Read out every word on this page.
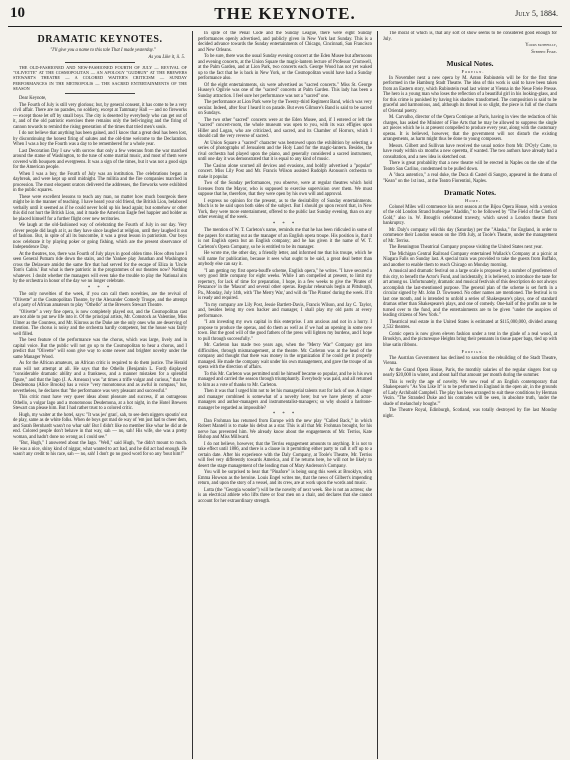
10	THE KEYNOTE.	July 5, 1884.
DRAMATIC KEYNOTES.

"I'll give you a name to this tale That I made yesterday."

As you Like it, ii. 5.

THE OLD-FASHIONED AND NEW-FASHIONED FOURTH OF JULY — REVIVAL OF "OLIVETTE" AT THE COSMOPOLITAN — AN APOLOGY "GUDRUN" AT THE BREWERS STEWART'S THEATRE — A COLORED WAITER'S CRITICISM — SUNDAY PERFORMANCES IN THE METROPOLIS — THE SACRED ENTERTAINMENTS OF THE SEASON

Dear Keynote,

The Fourth of July is still very glorious; but, by general consent, it has come to be a very civil affair. There are no parades, no soldiery, except at Tammany Hall — and no fireworks — except those let off by small boys. The city is deserted by everybody who can get out of it, and of the old patriotic exercises there remains only the bell-ringing and the firing of cannon towards to remind the rising generation of the times that tried men's souls.

I do not believe that anything has been gained, and I know that a great deal has been lost, by discontinuing the honest firing of salutes and the old-time welcome to the Declaration. When I was a boy the Fourth was a day to be remembered for a whole year.

Last Decoration Day I saw with sorrow that only a few veterans from the war marched around the statue of Washington, to the tune of some martial music, and most of them were covered with bouquets and evergreens. It was a sign of the times, but it was not a good sign for the American people.

When I was a boy, the Fourth of July was an institution. The celebrations began at daybreak, and were kept up until midnight. The militia and the fire companies marched in procession. The most eloquent orators delivered the addresses, the fireworks were exhibited in the public squares.

These were excellent lessons to teach any man, no matter how much bourgeois there might be in the manner of teaching. I have heard your old friend, the British Lion, belabored verbally until it seemed as if he could never hold up his head again; but somehow or other this did not hurt the British Lion, and it made the American Eagle feel happier and bolder as he placed himself for a further flight over new territories.

We laugh at the old-fashioned way of celebrating the Fourth of July in our day. Very clever people did laugh at it, as they have since laughed at religion, until they laughed it out of fashion. But, in spite of all its buncombe, it was a great lesson in patriotism. Our boys now celebrate it by playing poker or going fishing, which are the present observance of Independence Day.

At the theatres, too, there was Fourth of July plays in good olden time. How often have I seen General Putnam ride down the stairs, and the Yankee play Jonathan and Washington cross the Delaware amidst the same fire that had served for the escape of Eliza in 'Uncle Tom's Cabin.' But what is there patriotic in the programmes of our theatres now? Nothing whatever. I doubt whether the managers will even take the trouble to play the National airs by the orchestra in honor of the day we no longer celebrate.

* * *

The only novelties of the week, if you can call them novelties, are the revival of "Olivette" at the Cosmopolitan Theatre, by the Alexander Comedy Troupe, and the attempt of a party of African amateurs to play "Othello" at the Brewers Stewart Theatre.

"Olivette" a very fine opera, is now completely played out, and the Cosmopolitan cast are not able to put new life into it. Of the principal artists, Mr. Comstock as Valentine, Miss Ulmer as the Countess, and Mr. Kinross as the Duke are the only ones who are deserving of mention. The chorus is noisy and the orchestra hardly competent, but the house was fairly well filled.

The best feature of the performance was the chorus, which was large, lively and in capital voice. But the public will not go up to the Cosmopolitan to hear a chorus, and I predict that "Olivette" will soon give way to some newer and brighter novelty under the same Manager Wood.

As for the African amateurs, an African critic is required to do them justice. The Herald man will not attempt at all. He says that the Othello (Benjamin L. Ford) displayed "considerable dramatic ability and a frankness, and a manner mistaken for a splendid figure," and that the Iago (J. A. Arneaux) was "at times a trifle vulgar and curious," that the Desdemona (Alice Brooks) has a voice "very monotonous and as awful in compass," but, nevertheless, he declares that "the performance was very pleasant and successful."

This critic must have very queer ideas about pleasure and success, if an outrageous Othello, a vulgar Iago and a monotonous Desdemona, at a hot night, in the Hotel Brewers Stewart can please him. But I had rather trust to a colored critic.

Hugh, my waiter at the hotel, says: "It was jes' gran', sah, to see dem niggers spoutin' out de play, same as de white folks. When de boys got mad de way of 'em just had to cheer dem, and Sarah Bernhardt wasn't no whar sah! But I didn't like no member like whar he did at de end. Colored people don't behave in that way, sah — no, sah! His wife, she was a pretty woman, and hadn't done no wrong as I could see."

"But, Hugh," I answered about the Iago. "Well," said Hugh, "he didn't mount to much. He was a nice, shiny kind of niggar, what wanted to act bad, and he did act bad enough. He wasn't any credit to his race, sah — no, sah! I don't go no good word for so any 'bout him!"

In spite of the Penal Code and the Sunday League, there were eight Sunday performances openly advertised, and publicly given in New York last Sunday. This is a decided advance towards the Sunday entertainments of Chicago, Cincinnati, San Francisco and New Orleans.

To be sure, there was the usual Sunday evening concert at the Eden Musee but afternoons and evening concerts, at the Union Square the magic-lantern lecture of Professor Cromwell, at the Palm Garden, and at Lion Park, two concerts each. George Wood has not yet waked up to the fact that he is back in New York, or the Cosmopolitan would have had a Sunday performance also.

Of the eight entertainments, six were advertised as "sacred concerts." Miss St. George Hussey's Ogilvie was one of the "sacred" concerts at Palm Garden. This lady has been a Sunday attraction. I feel sure her performance was not a "sacred" one.

The performance at Lion Park were by the Twenty-third Regiment Band, which was very secular. Indeed, after four I heard it on parade. But even Gilmore's Band is said to be sacred on Sundays.

The two other "sacred" concerts were at the Eden Musee, and, if I entered or left the "sacred" concert-room, the whole museum was open to you, with its wax effigies upon Hiller and Logan, who are criticized, and sacred, and its Chamber of Horrors, which I should call the very reverse of sacred.

At Union Square a "sacred" character was bestowed upon the exhibition by selecting a series of photographs of Jerusalem and the Holy Land for the magic-lantern. Besides, the rival orchestra had played upon the piano, and generally considered a sacred instrument, until one day it was demonstrated that it is equal to any kind of music.

The Casino alone scorned all devices and evasions, and boldly advertised a "popular" concert. Miss Lily Post and Mr. Francis Wilson assisted Rudolph Aronson's orchestra to make it popular.

Two of the Sunday performances, you observe, were at regular theatres which hold licenses from the Mayor, who is supposed to exercise supervision over them. We must suppose that he, therefore, that they were open by his own will and approval.

I express no opinion for the present, as to the desirability of Sunday entertainments. Much is to be said upon both sides of the subject. But I should go upon record that, in New York, they were more entertainment, offered to the public last Sunday evening, than on any other evening of the week.

* * *

The mention of W. T. Carleton's name, reminds me that he has been ridiculed in some of the papers for starting out as the manager of an English opera troupe. His position is, that it is not English opera but an English company; and he has given it the name of W. T. Carleton's Opera Company, so he is entitled to be its manager.

He wrote me, the other day, a friendly letter, and informed me that his troupe, which he will name for publication, because it sees what ought to be said, a great deal better than anybody else can say it.

"I am getting my first opera-bouffe scheme, English opera," he writes. "I have secured a very good little company for eight weeks. While I am compelled at present, to limit my repertory, for lack of time for preparation, I hope, in a few weeks to give the 'Pirates of Penzance' in the 'Mascot' and several other operas. Regular rehearsals begin at Pittsburgh, Pa., Monday, July 14th, with 'The Merry War,' and will do 'The Pirates' during the week. If it is ready and required.

"In my company are Lily Post, Jessie Bartlett-Davis, Francis Wilson, and Jay C. Taylor, and, besides being my own backer and manager, I shall play my old parts at every performance.

"I am investing my own capital in this enterprise. I am anxious and not in a hurry. I propose to produce the operas, and do them as well as if we had an opening in some new town. But the good will of the good fathers of the press will lighten my burdens, and I hope to pull through successfully."

Mr. Carleton has made two years ago, when the "Merry War" Company got into difficulties, through mismanagement, at the theatre. Mr. Carleton was at the head of the company and thought that there was money in the organization if he could get it properly managed. He made the company wait under his own management, and gave the troupe of an opera with the direction of affairs.

To this Mr. Carleton was permitted until he himself became so popular, and he is his own managed and carried the season through triumphantly. Everybody was paid, and all returned to him as a vote of thanks to Mr. Carleton.

Then it was that I urged him not to let his managerial talents rust for lack of use. A singer and manager combined is somewhat of a novelty here; but we have plenty of actor-managers and author-managers and instrumentalist-managers; so why should a baritone-manager be regarded as impossible?

* * *

Dan Frohman has returned from Europe with the new play "Called Back," in which Robert Mantell is to make his debut as a star. This is all that Mr. Frohman brought, for his nerve has prevented him. We already know about the engagements of Mr. Terriss, Kate Bishop and Miss Millward.

I do not believe, however, that the Terriss engagement amounts to anything. It is not to take effect until 1886, and there is a clause in it permitting either party to call it off up to a certain date. After his experience with the Daly Company, at Toole's Theatre, Mr. Terriss will feel very differently towards America, and if he returns here, he will not be likely to desert the stage management of the leading man of Mary Anderson's Company.

You will be surprised to hear that "Pinafore" is being sung this week at Brooklyn, with Emma Howson as the heroine. Louis Engel writes me, that the news of Gilbert's impending return, and upon the story of a vessel, and its crew, are at work upon the words and music.

Lotta (the "Georgia wonder") will be the novelty of next week. She is not an actress; she is an electrical athlete who lifts three or four men on a chair, and declares that she cannot account for her extraordinary strength.

The moral of which is, that any sort of show seems to be considered good enough for July.

Yours faithfully,

Stephen Fiske.

Musical Notes.

Foreign.

In November next a new opera by M. Anton Rubinstein will be for the first time performed in the Hamburg Stadt Theatre. The idea of this work is said to have been taken from an Eastern story, which Rubinstein read last winter at Vienna in the Neue Freie Presse. The hero is a young man who loses the reflection of a beautiful girl in his looking-glass, and for this crime is punished by having his shadow transformed. The composition is said to be graceful and harmonious, and, although its thread is so slight, the piece is full of the charm of Oriental poetry.

M. Carvalho, director of the Opera Comique at Paris, having in view the redaction of his charges, has asked the Minister of Fine Arts that he may be allowed to suppress the single act pieces which he is at present compelled to produce every year, along with the customary operas. It is believed, however, that the government will not disturb the existing arrangements, as harm might thus be done to young composers.

Messrs. Gilbert and Sullivan have received the usual notice from Mr. D'Oyly Carte, to have ready within six months a new operetta, if wanted. The two authors have already had a consultation, and a new idea is sketched out.

There is great probability that a new theatre will be erected in Naples on the site of the Teatro San Carlino, condemned to be pulled down.

A "duca autentico," a real duke, the Duca di Castel di Sangro, appeared in the drama of "Kean" on the 1st inst., at the Teatro Fiorentini, Naples.

Dramatic Notes.

Home.

Colonel Miles will commence his next season at the Bijou Opera House, with a version of the old London Strand burlesque "Aladdin," to be followed by "The Field of the Cloth of Gold," also in. W. Brough's celebrated travesty, which saved a London theatre from bankruptcy.

Mr. Daly's company will this day (Saturday) per the "Alaska," for England, in order to commence their London season on the 19th July, at Toole's Theatre, under the management of Mr. Terriss.

The Bennington Theatrical Company propose visiting the United States next year.

The Michigan Central Railroad Company entertained Wallack's Company at a picnic at Niagara Falls on Sunday last. A special train was provided to take the guests from Buffalo, and another to enable them to reach Chicago on Monday morning.

A musical and dramatic festival on a large scale is proposed by a number of gentlemen of this city, to benefit the Actor's Fund, and incidentally, it is believed, to introduce the taste for art among us. Unfortunately, dramatic and musical festivals of this description do not always accomplish the last-mentioned purpose. The general plan of the scheme is set forth in a circular signed by Mr. John D. Townsend. No other names are mentioned. The festival is to last one month, and is intended to unfold a series of Shakespeare's plays, one of standard dramas other than Shakespeare's plays, and one of comedy. One-half of the profits are to be turned over to the fund, and the entertainments are to be given "under the auspices of leading citizens of New York."

Theatrical real estate in the United States is estimated at $115,000,000, divided among 2,532 theatres.

Comic opera is now given eleven fashion under a tent in the glade of a real wood, at Brooklyn, and the picturesque Heights bring their pennants in tissue paper bags, tied up with blue satin ribbons.

Foreign.

The Austrian Government has declined to sanction the rebuilding of the Stadt Theatre, Vienna.

At the Grand Opera House, Paris, the monthly salaries of the regular singers foot up nearly $20,000 in winter, and about half that amount per month during the summer.

This is verily the age of novelty. We now read of an English contemporary that Shakespeare's "As You Like It" is to be performed in England in the open air, in the grounds of Lady Archibald Campbell. The play has been arranged to suit these conditions by Herman Vezin. "The Stranded Duke and his comrades will be seen, in absolute truth, 'under the shade of melancholy boughs.'"

The Theatre Royal, Edinburgh, Scotland, was totally destroyed by fire last Monday night.
